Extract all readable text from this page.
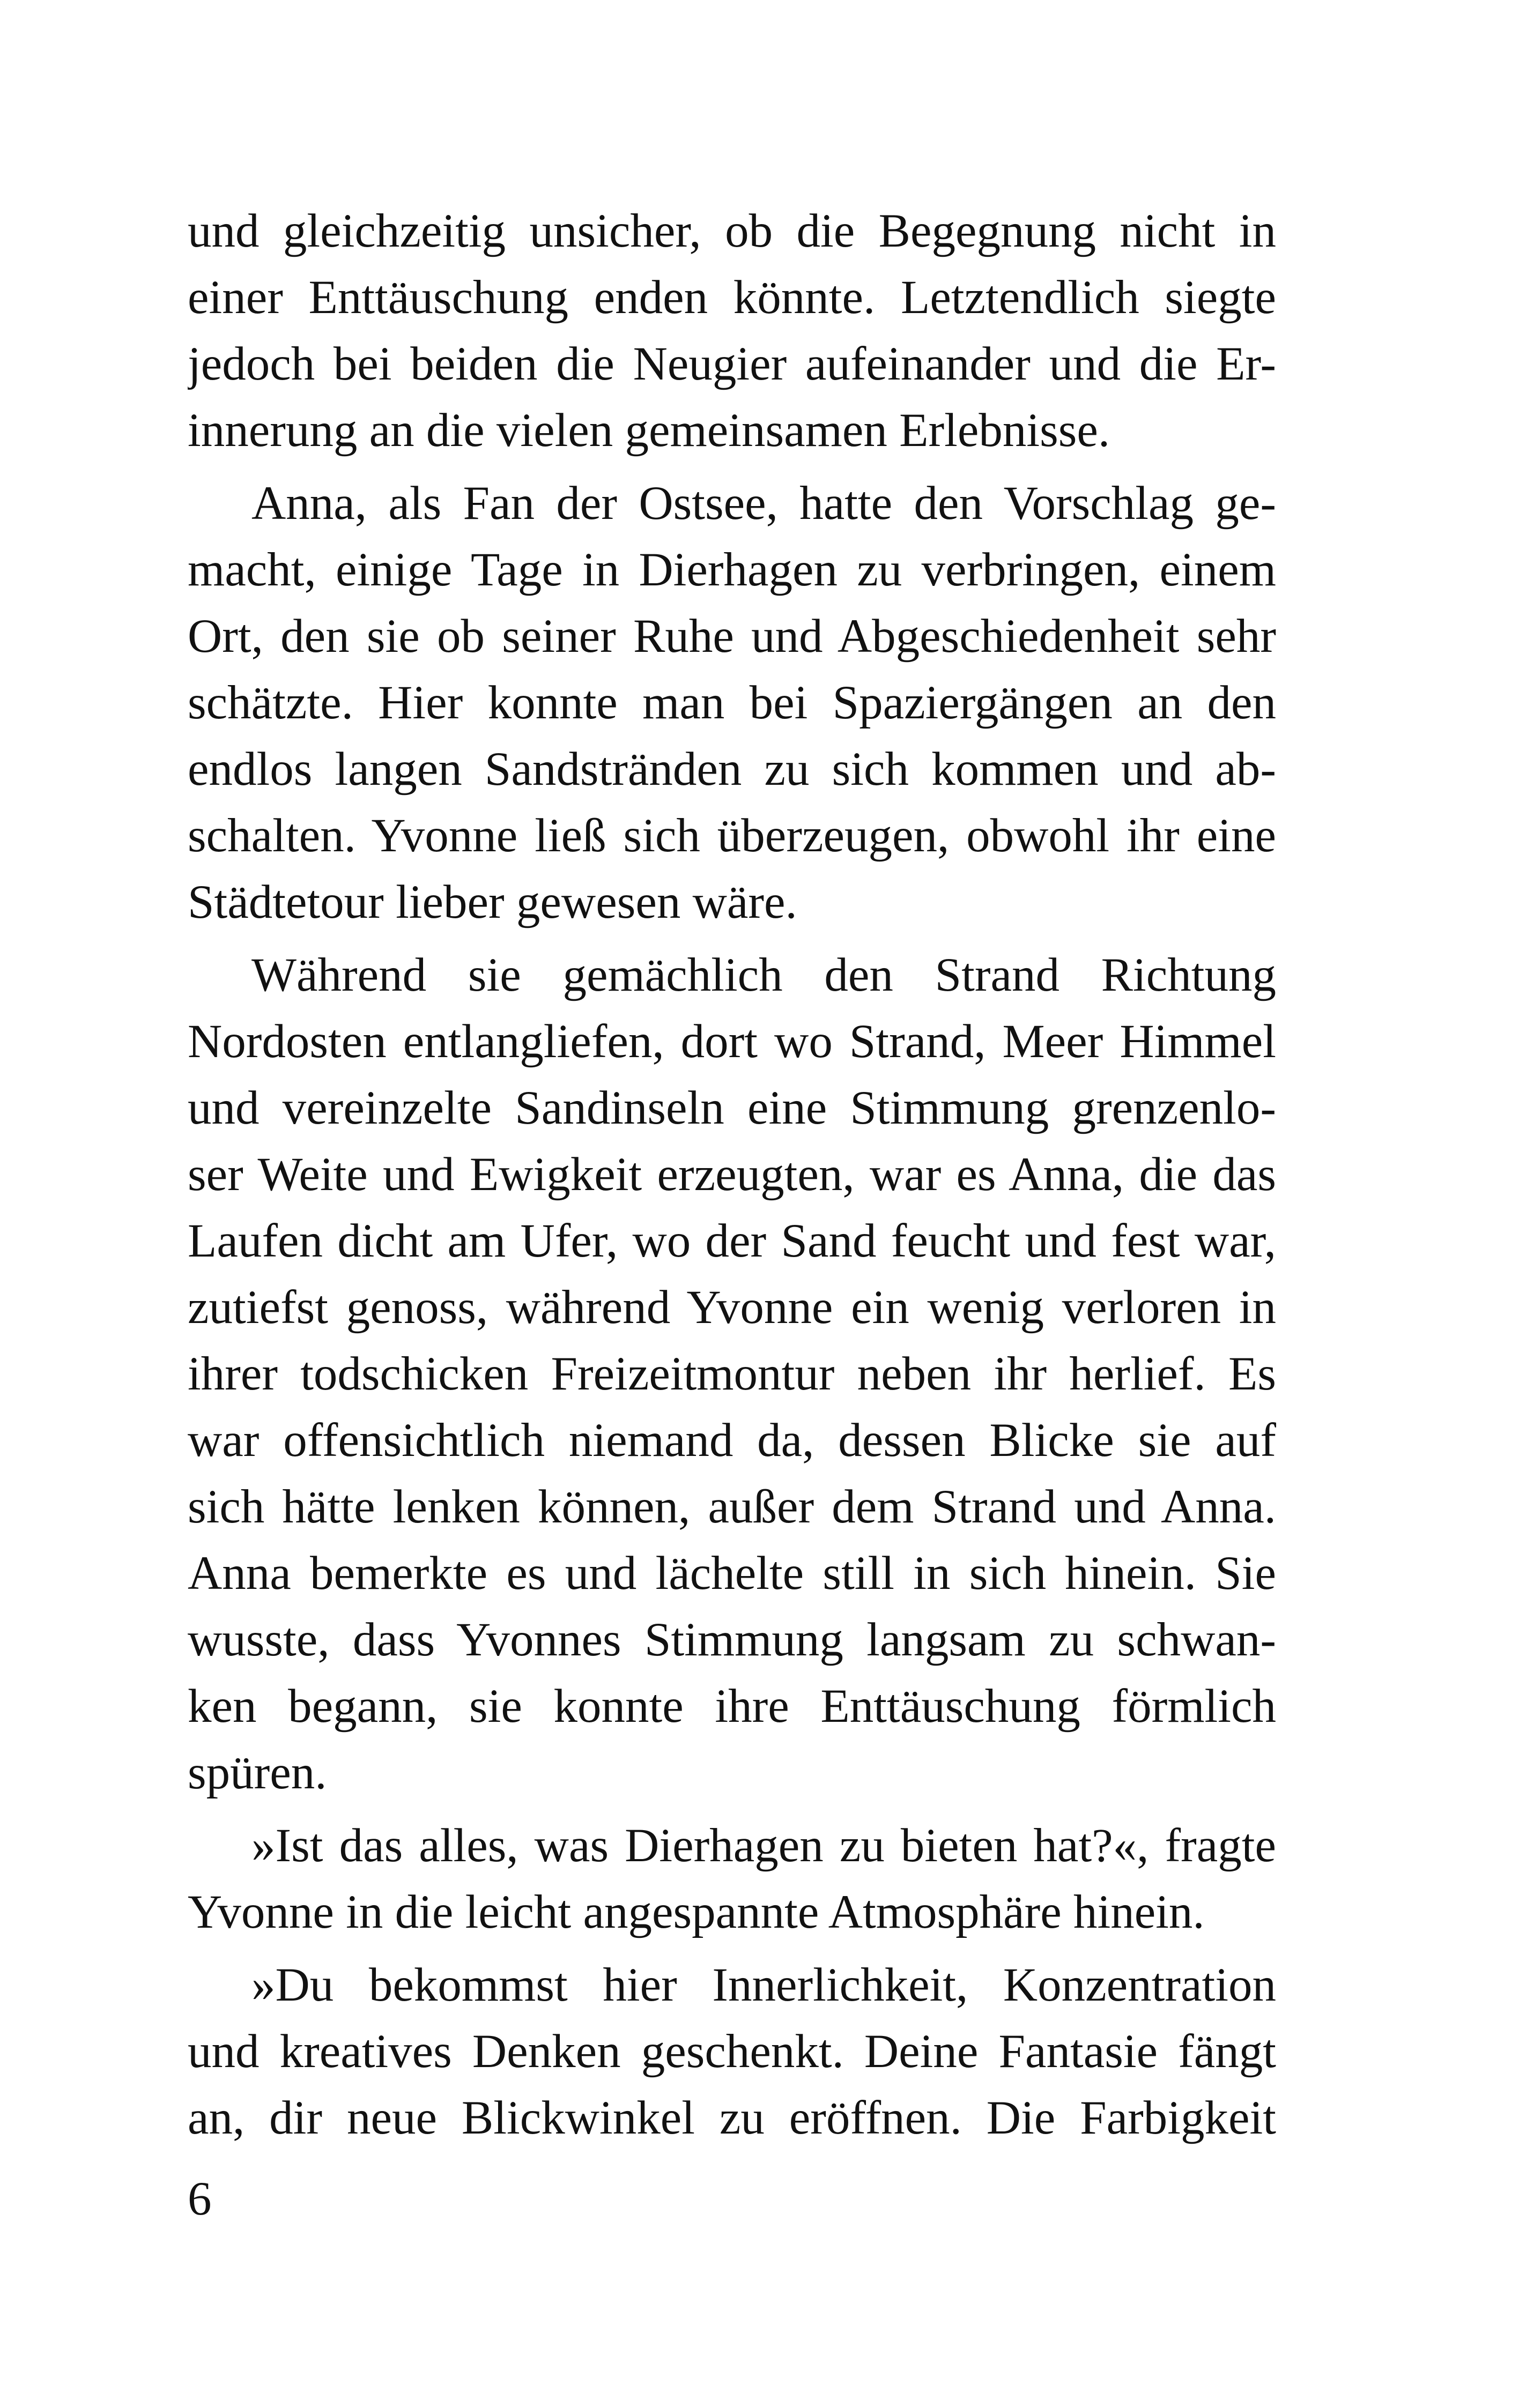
und gleichzeitig unsicher, ob die Begegnung nicht in
einer Enttäuschung enden könnte. Letztendlich siegte
jedoch bei beiden die Neugier aufeinander und die Er-
innerung an die vielen gemeinsamen Erlebnisse.
Anna, als Fan der Ostsee, hatte den Vorschlag ge-
macht, einige Tage in Dierhagen zu verbringen, einem
Ort, den sie ob seiner Ruhe und Abgeschiedenheit sehr
schätzte. Hier konnte man bei Spaziergängen an den
endlos langen Sandstränden zu sich kommen und ab-
schalten. Yvonne ließ sich überzeugen, obwohl ihr eine
Städtetour lieber gewesen wäre.
Während sie gemächlich den Strand Richtung
Nordosten entlangliefen, dort wo Strand, Meer Himmel
und vereinzelte Sandinseln eine Stimmung grenzenlo-
ser Weite und Ewigkeit erzeugten, war es Anna, die das
Laufen dicht am Ufer, wo der Sand feucht und fest war,
zutiefst genoss, während Yvonne ein wenig verloren in
ihrer todschicken Freizeitmontur neben ihr herlief. Es
war offensichtlich niemand da, dessen Blicke sie auf
sich hätte lenken können, außer dem Strand und Anna.
Anna bemerkte es und lächelte still in sich hinein. Sie
wusste, dass Yvonnes Stimmung langsam zu schwan-
ken begann, sie konnte ihre Enttäuschung förmlich
spüren.
»Ist das alles, was Dierhagen zu bieten hat?«, fragte
Yvonne in die leicht angespannte Atmosphäre hinein.
»Du bekommst hier Innerlichkeit, Konzentration
und kreatives Denken geschenkt. Deine Fantasie fängt
an, dir neue Blickwinkel zu eröffnen. Die Farbigkeit
6
